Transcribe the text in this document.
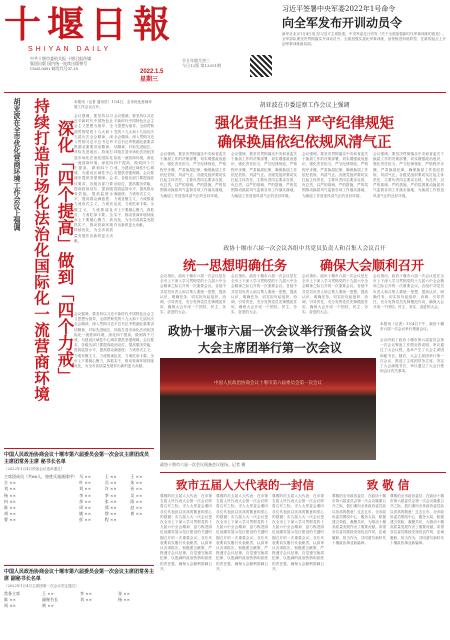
十堰日報
SHIYAN DAILY
中共十堰市委机关报 十堰日报传媒集团出版 国内统一连续出版物号 CN42-0091 邮发代号37-19
2022.1.5
星期三
辛丑年腊月初三
今日12版 第13051期
习近平签署中央军委2022年1号命令
向全军发布开训动员令
新华社北京1月4日电 经习近平主席批准，中央军委近日印发《关于全面加强新时代军事训练的意见》。全军部队要坚决贯彻落实开训动员令，全面加强实战化军事训练，加快推进训练转型，在新的起点上开创军事训练新局面。
胡亚波在全市优化营商环境工作会议上强调 持续打造市场化法治化国际化一流营商环境 深化「四个提高」做到「四个力戒」
本报讯（记者 通讯员）1月4日，全市优化营商环境工作会议召开。
会议强调，要坚持以习近平新时代中国特色社会主义思想为指导，全面贯彻党的十九大和十九届历次全会精神，深入贯彻习近平总书记考察湖北重要讲话精神，对标先进地区，持续打造市场化法治化国际化一流营商环境，深化四个提高，做到四个力戒，为建设区域性中心城市提供坚强保障。会议要求，各级各部门要提高政治站位，提高服务效能，提高监管水平，提高群众满意度；力戒形式主义，力戒官僚主义，力戒推诿扯皮，力戒吃拿卡要。全市上下要凝心聚力，真抓实干，推动营商环境持续优化，为全市高质量发展作出新的更大贡献。
会议强调，要坚持以习近平新时代中国特色社会主义思想为指导，全面贯彻党的十九大和十九届历次全会精神，深入贯彻习近平总书记考察湖北重要讲话精神，对标先进地区，持续打造市场化法治化国际化一流营商环境，深化四个提高，做到四个力戒，为建设区域性中心城市提供坚强保障。会议要求，各级各部门要提高政治站位，提高服务效能，提高监管水平，提高群众满意度；力戒形式主义，力戒官僚主义，力戒推诿扯皮，力戒吃拿卡要。全市上下要凝心聚力，真抓实干，推动营商环境持续优化，为全市高质量发展作出新的更大贡献。
会议强调，要坚持以习近平新时代中国特色社会主义思想为指导，全面贯彻党的十九大和十九届历次全会精神，深入贯彻习近平总书记考察湖北重要讲话精神，对标先进地区，持续打造市场化法治化国际化一流营商环境，深化四个提高，做到四个力戒，为建设区域性中心城市提供坚强保障。会议要求，各级各部门要提高政治站位，提高服务效能，提高监管水平，提高群众满意度；力戒形式主义，力戒官僚主义，力戒推诿扯皮，力戒吃拿卡要。全市上下要凝心聚力，真抓实干，推动营商环境持续优化，为全市高质量发展作出新的更大贡献。
胡亚波在市委巡察工作会议上强调
强化责任担当 严守纪律规矩
确保换届依纪依规风清气正
会议强调，要坚决贯彻落实中央和省委关于换届工作的决策部署，切实增强政治意识，强化责任担当，严守纪律规矩，严格程序步骤，严肃换届纪律，确保换届工作依纪依规、风清气正。各级党组织要切实扛起主体责任，主要负责同志要亲自抓、负总责，以严的基调、严的措施、严的氛围推动换届风气监督各项工作落实落地，为换届工作营造风清气正的良好环境。
会议强调，要坚决贯彻落实中央和省委关于换届工作的决策部署，切实增强政治意识，强化责任担当，严守纪律规矩，严格程序步骤，严肃换届纪律，确保换届工作依纪依规、风清气正。各级党组织要切实扛起主体责任，主要负责同志要亲自抓、负总责，以严的基调、严的措施、严的氛围推动换届风气监督各项工作落实落地，为换届工作营造风清气正的良好环境。
会议强调，要坚决贯彻落实中央和省委关于换届工作的决策部署，切实增强政治意识，强化责任担当，严守纪律规矩，严格程序步骤，严肃换届纪律，确保换届工作依纪依规、风清气正。各级党组织要切实扛起主体责任，主要负责同志要亲自抓、负总责，以严的基调、严的措施、严的氛围推动换届风气监督各项工作落实落地，为换届工作营造风清气正的良好环境。
会议强调，要坚决贯彻落实中央和省委关于换届工作的决策部署，切实增强政治意识，强化责任担当，严守纪律规矩，严格程序步骤，严肃换届纪律，确保换届工作依纪依规、风清气正。各级党组织要切实扛起主体责任，主要负责同志要亲自抓、负总责，以严的基调、严的措施、严的氛围推动换届风气监督各项工作落实落地，为换届工作营造风清气正的良好环境。
政协十堰市六届一次会议各组中共党员负责人和召集人会议召开
统一思想明确任务	确保大会顺利召开
会议指出，政协十堰市六届一次会议是在全市上下深入学习贯彻党的十九届六中全会精神之际召开的一次重要会议。各组中共党员负责人和召集人要统一思想，提高认识，明确任务，切实担负起组织、协调、引导责任，充分发挥党员先锋模范作用，确保大会开成一个团结、民主、务实、奋进的大会。
会议指出，政协十堰市六届一次会议是在全市上下深入学习贯彻党的十九届六中全会精神之际召开的一次重要会议。各组中共党员负责人和召集人要统一思想，提高认识，明确任务，切实担负起组织、协调、引导责任，充分发挥党员先锋模范作用，确保大会开成一个团结、民主、务实、奋进的大会。
会议指出，政协十堰市六届一次会议是在全市上下深入学习贯彻党的十九届六中全会精神之际召开的一次重要会议。各组中共党员负责人和召集人要统一思想，提高认识，明确任务，切实担负起组织、协调、引导责任，充分发挥党员先锋模范作用，确保大会开成一个团结、民主、务实、奋进的大会。
会议指出，政协十堰市六届一次会议是在全市上下深入学习贯彻党的十九届六中全会精神之际召开的一次重要会议。各组中共党员负责人和召集人要统一思想，提高认识，明确任务，切实担负起组织、协调、引导责任，充分发挥党员先锋模范作用，确保大会开成一个团结、民主、务实、奋进的大会。
政协十堰市六届一次会议举行预备会议
大会主席团举行第一次会议
中国人民政治协商会议十堰市第六届委员会第一次会议
政协十堰市六届一次会议预备会议现场。记者 摄
本报讯（记者）1月4日下午，政协十堰市六届一次会议举行预备会议。
会议听取了政协十堰市第六届委员会第一次会议筹备工作情况的说明，审议通过了大会议程，选举产生了大会主席团和秘书长。随后，大会主席团举行第一次会议，推选了主席团常务主席，决定了大会副秘书长，审议通过了大会日程和会议有关事项。
中国人民政治协商会议十堰市第六届委员会第一次会议主席团成员 主席团常务主席 秘书长名单
（2022年1月4日预备会议选举通过）
主席团成员（共66人，按姓氏笔画排序） 马 ××	王 ××	王 ××
方 ××	叶 ××	冯 ××	朱 ××
刘 ××	刘 ××	许 ××	孙 ××
杨 ××	李 ××	李 ××	吴 ××
何 ××	余 ××	张 ××	陈 ××
陈 ××	周 ××	郑 ××	赵 ××
胡 ××	姚 ××	徐 ××	黄 ××
曹 ××	彭 ××	程 ××
中国人民政治协商会议十堰市第六届委员会第一次会议主席团常务主席 副秘书长名单
（2022年1月4日主席团第一次会议决定通过）
常务主席	王 ××	李 ××	张 ××
陈 ××	副秘书长	刘 ××	杨 ××
周 ××	黄 ××
致市五届人大代表的一封信
尊敬的市五届人大代表：在市第五届人民代表大会第一次会议即将召开之际，市人大常委会谨向各位代表致以崇高的敬意和衷心的感谢！市五届人大一次会议是在全市上下深入学习贯彻党的十九届六中全会精神、奋力推进绿色低碳发展示范区建设的关键时期召开的一次重要会议。各位代表要切实履行代表职责，认真审议各项报告，积极建言献策，严格遵守会议纪律，自觉遵守换届纪律，以饱满的政治热情和高度的责任感，确保大会顺利圆满召开。
尊敬的市五届人大代表：在市第五届人民代表大会第一次会议即将召开之际，市人大常委会谨向各位代表致以崇高的敬意和衷心的感谢！市五届人大一次会议是在全市上下深入学习贯彻党的十九届六中全会精神、奋力推进绿色低碳发展示范区建设的关键时期召开的一次重要会议。各位代表要切实履行代表职责，认真审议各项报告，积极建言献策，严格遵守会议纪律，自觉遵守换届纪律，以饱满的政治热情和高度的责任感，确保大会顺利圆满召开。
尊敬的市五届人大代表：在市第五届人民代表大会第一次会议即将召开之际，市人大常委会谨向各位代表致以崇高的敬意和衷心的感谢！市五届人大一次会议是在全市上下深入学习贯彻党的十九届六中全会精神、奋力推进绿色低碳发展示范区建设的关键时期召开的一次重要会议。各位代表要切实履行代表职责，认真审议各项报告，积极建言献策，严格遵守会议纪律，自觉遵守换届纪律，以饱满的政治热情和高度的责任感，确保大会顺利圆满召开。
致 敬 信
尊敬的全市政协委员：在政协十堰市第六届委员会第一次会议隆重召开之际，我们谨向全体政协委员致以崇高的敬意！过去五年，全市政协委员围绕中心、服务大局，积极建言资政、凝聚共识，为推动十堰高质量发展作出了重要贡献。希望各位委员继续发扬优良作风，忠诚履职、担当作为，共同谱写新时代十堰政协事业新篇章。
尊敬的全市政协委员：在政协十堰市第六届委员会第一次会议隆重召开之际，我们谨向全体政协委员致以崇高的敬意！过去五年，全市政协委员围绕中心、服务大局，积极建言资政、凝聚共识，为推动十堰高质量发展作出了重要贡献。希望各位委员继续发扬优良作风，忠诚履职、担当作为，共同谱写新时代十堰政协事业新篇章。
